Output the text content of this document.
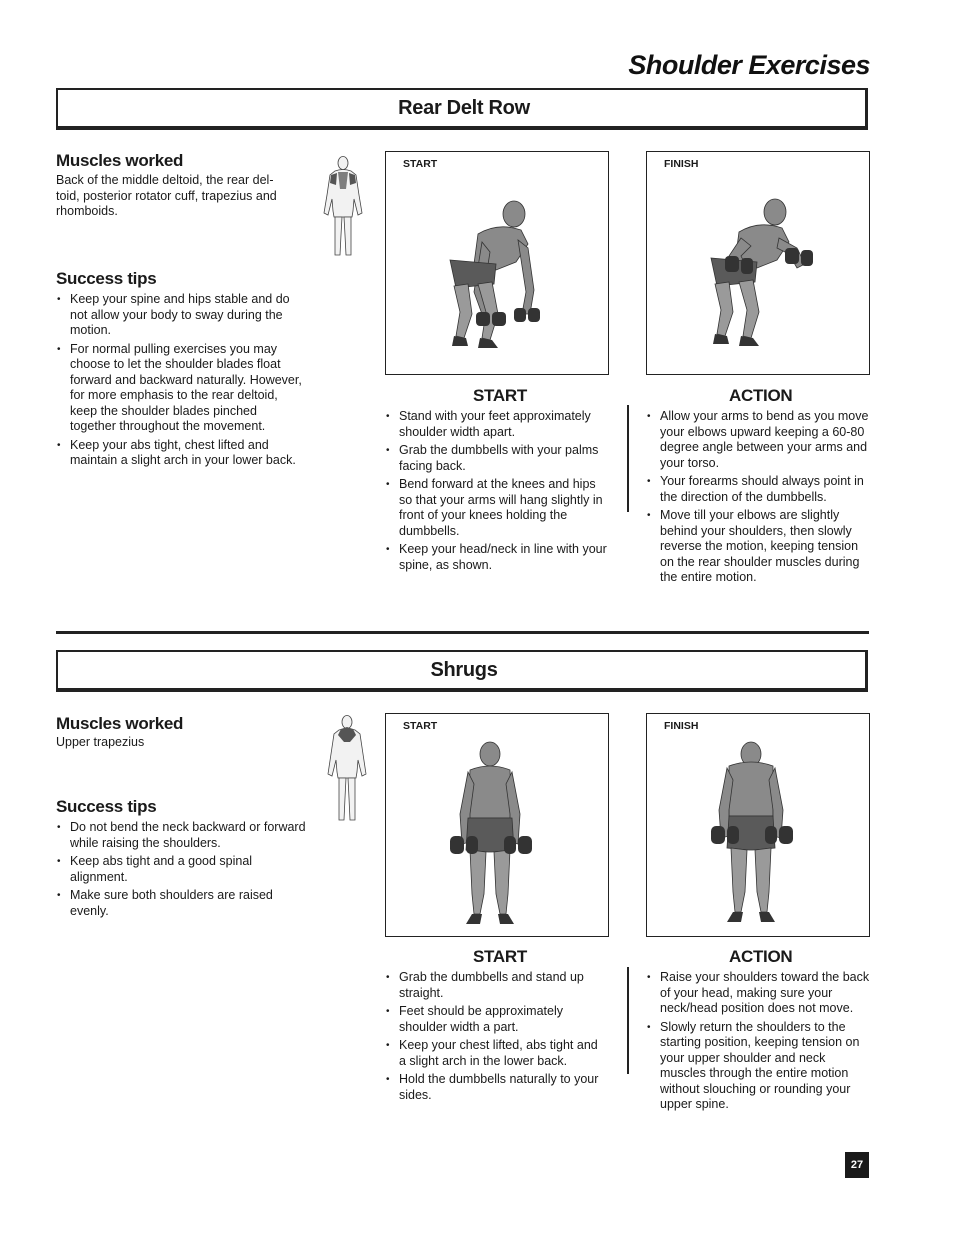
Shoulder Exercises
Rear Delt Row
Muscles worked
Back of the middle deltoid, the rear del-
toid, posterior rotator cuff, trapezius and
rhomboids.
Success tips
• Keep your spine and hips stable and do not allow your body to sway during the motion.
• For normal pulling exercises you may choose to let the shoulder blades float forward and backward naturally. However, for more emphasis to the rear deltoid, keep the shoulder blades pinched together throughout the movement.
• Keep your abs tight, chest lifted and maintain a slight arch in your lower back.
START	FINISH
START
• Stand with your feet approximately shoulder width apart.
• Grab the dumbbells with your palms facing back.
• Bend forward at the knees and hips so that your arms will hang slightly in front of your knees holding the dumbbells.
• Keep your head/neck in line with your spine, as shown.
ACTION
• Allow your arms to bend as you move your elbows upward keeping a 60-80 degree angle between your arms and your torso.
• Your forearms should always point in the direction of the dumbbells.
• Move till your elbows are slightly behind your shoulders, then slowly reverse the motion, keeping tension on the rear shoulder muscles during the entire motion.
Shrugs
Muscles worked
Upper trapezius
Success tips
• Do not bend the neck backward or forward while raising the shoulders.
• Keep abs tight and a good spinal alignment.
• Make sure both shoulders are raised evenly.
START	FINISH
START
• Grab the dumbbells and stand up straight.
• Feet should be approximately shoulder width a part.
• Keep your chest lifted, abs tight and a slight arch in the lower back.
• Hold the dumbbells naturally to your sides.
ACTION
• Raise your shoulders toward the back of your head, making sure your neck/head position does not move.
• Slowly return the shoulders to the starting position, keeping tension on your upper shoulder and neck muscles through the entire motion without slouching or rounding your upper spine.
27
